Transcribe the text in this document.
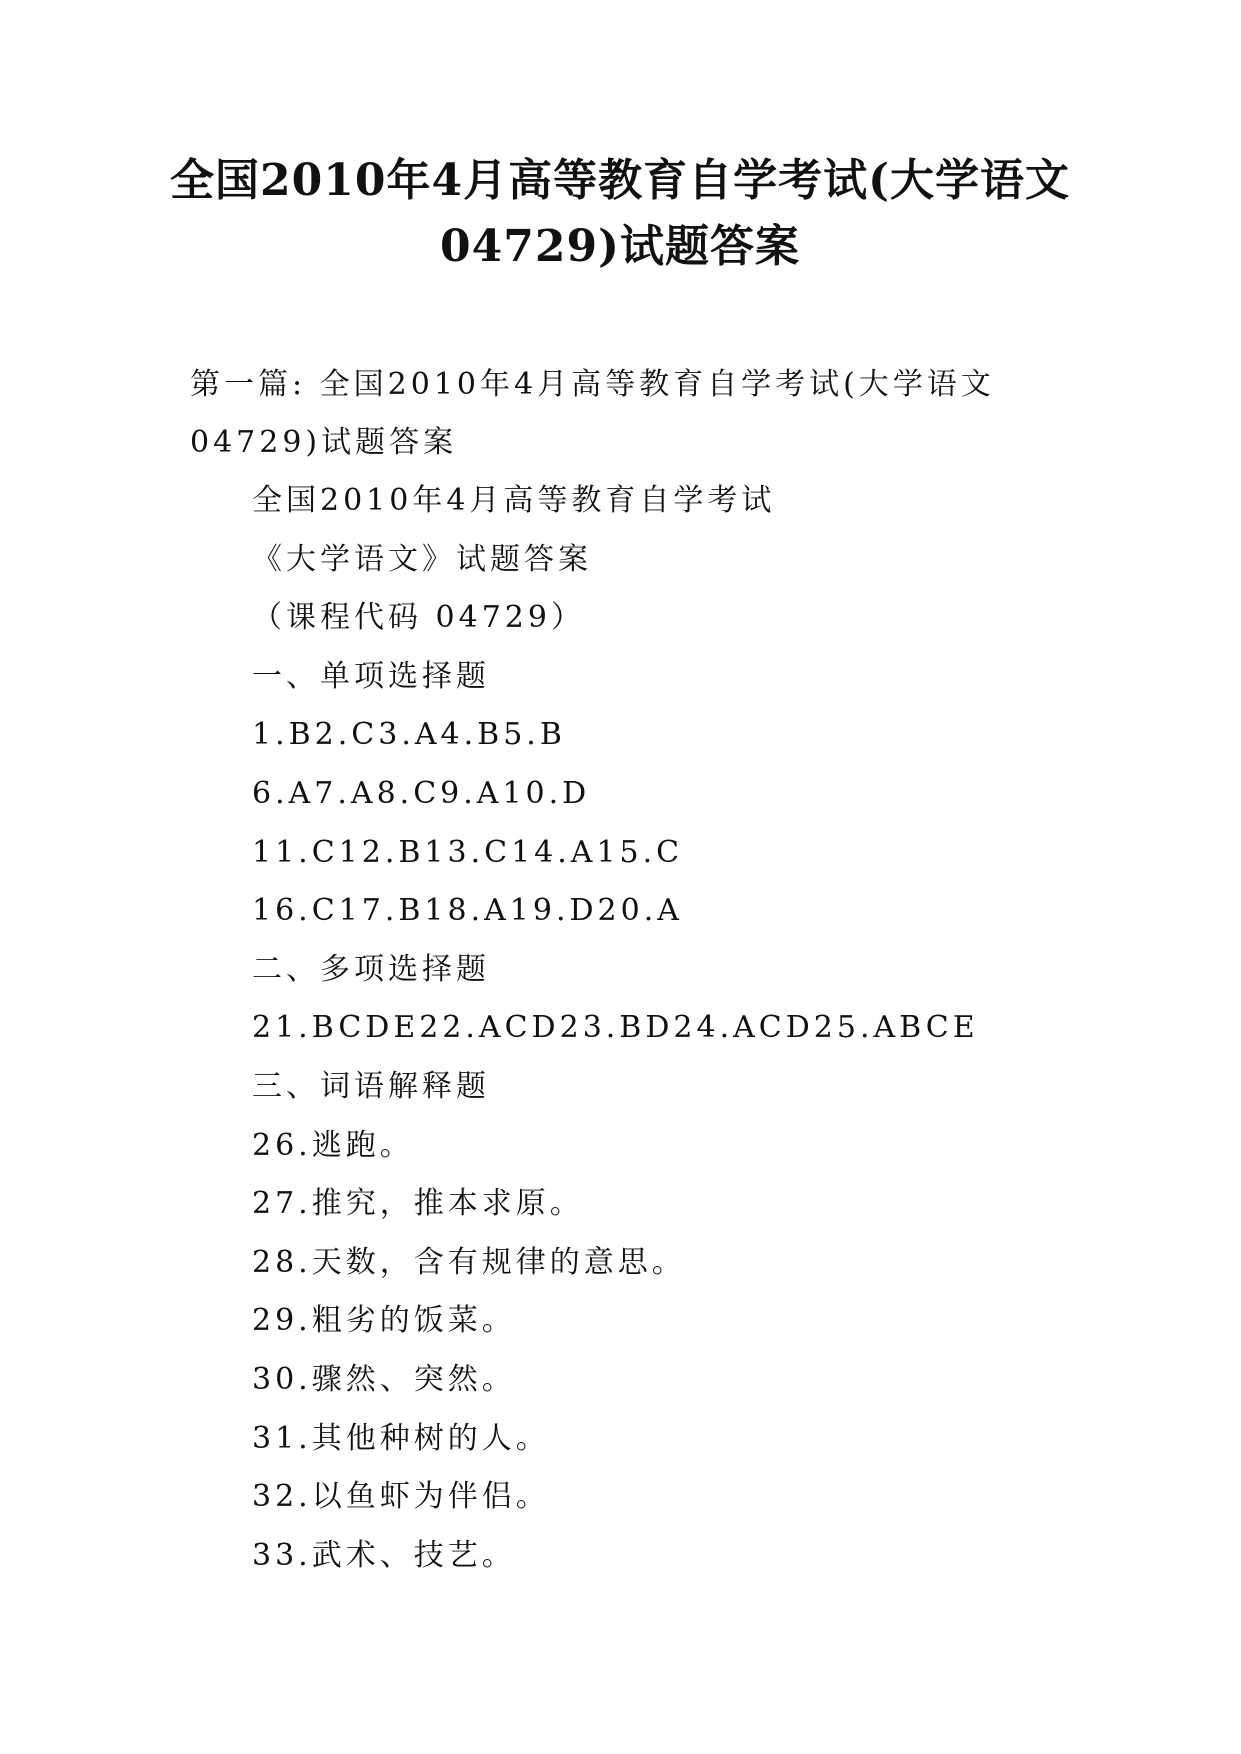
全国2010年4月高等教育自学考试(大学语文04729)试题答案

第一篇: 全国2010年4月高等教育自学考试(大学语文04729)试题答案

全国2010年4月高等教育自学考试
《大学语文》试题答案
（课程代码 04729）
一、单项选择题
1.B2.C3.A4.B5.B
6.A7.A8.C9.A10.D
11.C12.B13.C14.A15.C
16.C17.B18.A19.D20.A
二、多项选择题
21.BCDE22.ACD23.BD24.ACD25.ABCE
三、词语解释题
26.逃跑。
27.推究，推本求原。
28.天数，含有规律的意思。
29.粗劣的饭菜。
30.骤然、突然。
31.其他种树的人。
32.以鱼虾为伴侣。
33.武术、技艺。
